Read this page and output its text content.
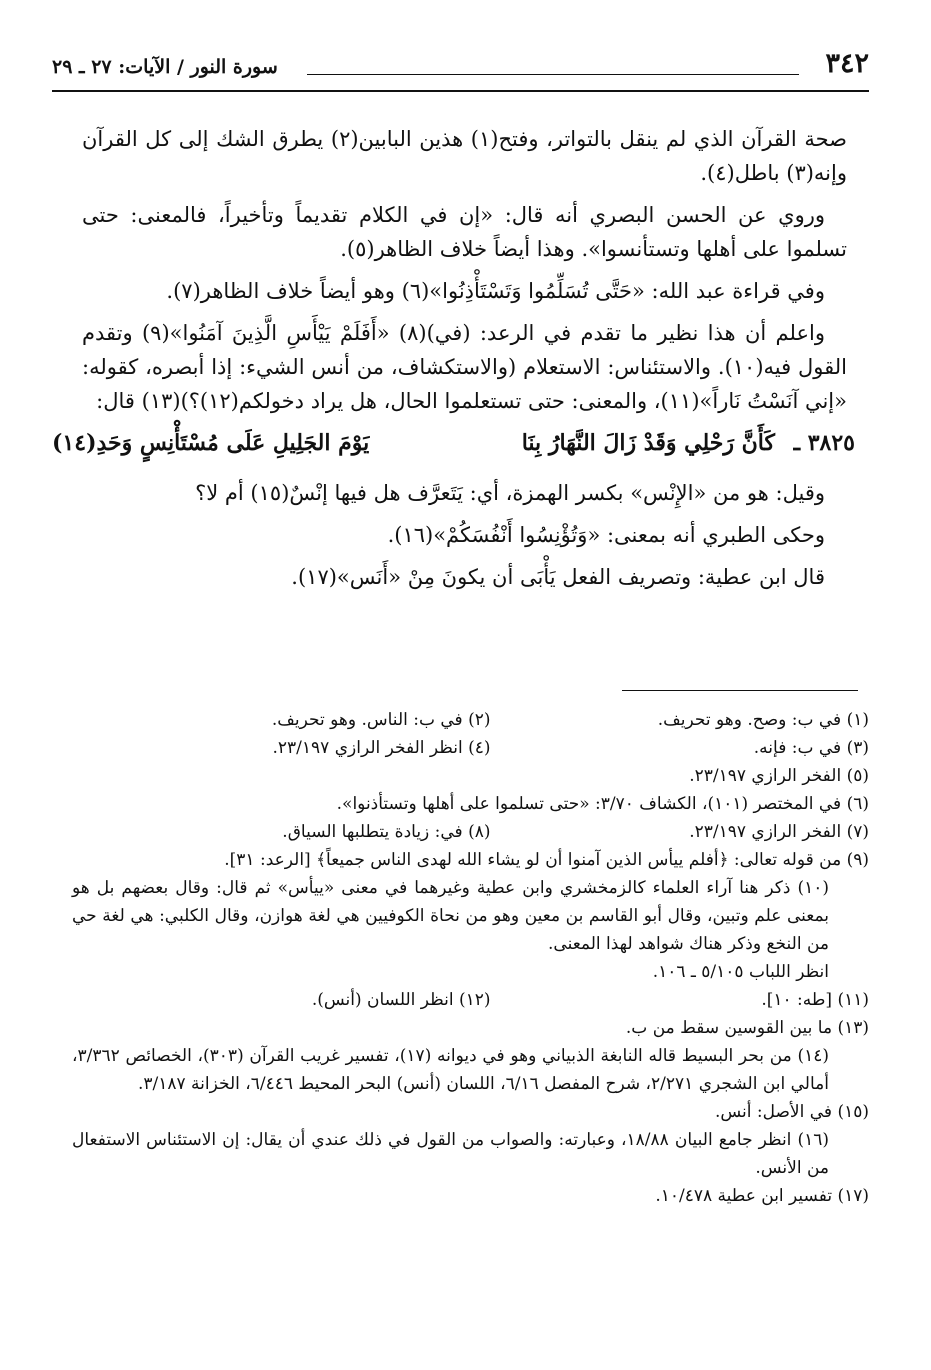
٣٤٢
سورة النور / الآيات: ٢٧ ـ ٢٩

صحة القرآن الذي لم ينقل بالتواتر، وفتح(١) هذين البابين(٢) يطرق الشك إلى كل القرآن وإنه(٣) باطل(٤).

وروي عن الحسن البصري أنه قال: «إن في الكلام تقديماً وتأخيراً، فالمعنى: حتى تسلموا على أهلها وتستأنسوا». وهذا أيضاً خلاف الظاهر(٥).

وفي قراءة عبد الله: «حَتَّى تُسَلِّمُوا وَتَسْتَأْذِنُوا»(٦) وهو أيضاً خلاف الظاهر(٧).

واعلم أن هذا نظير ما تقدم في الرعد: (في)(٨) «أَفَلَمْ يَيْأَسِ الَّذِينَ آمَنُوا»(٩) وتقدم القول فيه(١٠). والاستئناس: الاستعلام (والاستكشاف، من أنس الشيء: إذا أبصره، كقوله: «إني آنَسْتُ نَاراً»(١١)، والمعنى: حتى تستعلموا الحال، هل يراد دخولكم(١٢)؟)(١٣) قال:

٣٨٢٥ ـ
كَأَنَّ رَحْلِي وَقَدْ زَالَ النَّهَارُ بِنَا
يَوْمَ الجَلِيلِ عَلَى مُسْتَأْنِسٍ وَحَدِ(١٤)

وقيل: هو من «الإِنْس» بكسر الهمزة، أي: يَتَعرَّف هل فيها إنْسٌ(١٥) أم لا؟

وحكى الطبري أنه بمعنى: «وَتُؤْنِسُوا أَنْفُسَكُمْ»(١٦).

قال ابن عطية: وتصريف الفعل يَأْبَى أن يكونَ مِنْ «أَنَس»(١٧).

(١) في ب: وصح. وهو تحريف.
(٢) في ب: الناس. وهو تحريف.
(٣) في ب: فإنه.
(٤) انظر الفخر الرازي ٢٣/١٩٧.
(٥) الفخر الرازي ٢٣/١٩٧.
(٦) في المختصر (١٠١)، الكشاف ٣/٧٠: «حتى تسلموا على أهلها وتستأذنوا».
(٧) الفخر الرازي ٢٣/١٩٧.
(٨) في: زيادة يتطلبها السياق.
(٩) من قوله تعالى: ﴿أفلم ييأس الذين آمنوا أن لو يشاء الله لهدى الناس جميعاً﴾ [الرعد: ٣١].
(١٠) ذكر هنا آراء العلماء كالزمخشري وابن عطية وغيرهما في معنى «ييأس» ثم قال: وقال بعضهم بل هو بمعنى علم وتبين، وقال أبو القاسم بن معين وهو من نحاة الكوفيين هي لغة هوازن، وقال الكلبي: هي لغة حي من النخع وذكر هناك شواهد لهذا المعنى.
انظر اللباب ٥/١٠٥ ـ ١٠٦.
(١١) [طه: ١٠].
(١٢) انظر اللسان (أنس).
(١٣) ما بين القوسين سقط من ب.
(١٤) من بحر البسيط قاله النابغة الذبياني وهو في ديوانه (١٧)، تفسير غريب القرآن (٣٠٣)، الخصائص ٣/٣٦٢، أمالي ابن الشجري ٢/٢٧١، شرح المفصل ٦/١٦، اللسان (أنس) البحر المحيط ٦/٤٤٦، الخزانة ٣/١٨٧.
(١٥) في الأصل: أنس.
(١٦) انظر جامع البيان ١٨/٨٨، وعبارته: والصواب من القول في ذلك عندي أن يقال: إن الاستئناس الاستفعال من الأنس.
(١٧) تفسير ابن عطية ١٠/٤٧٨.
